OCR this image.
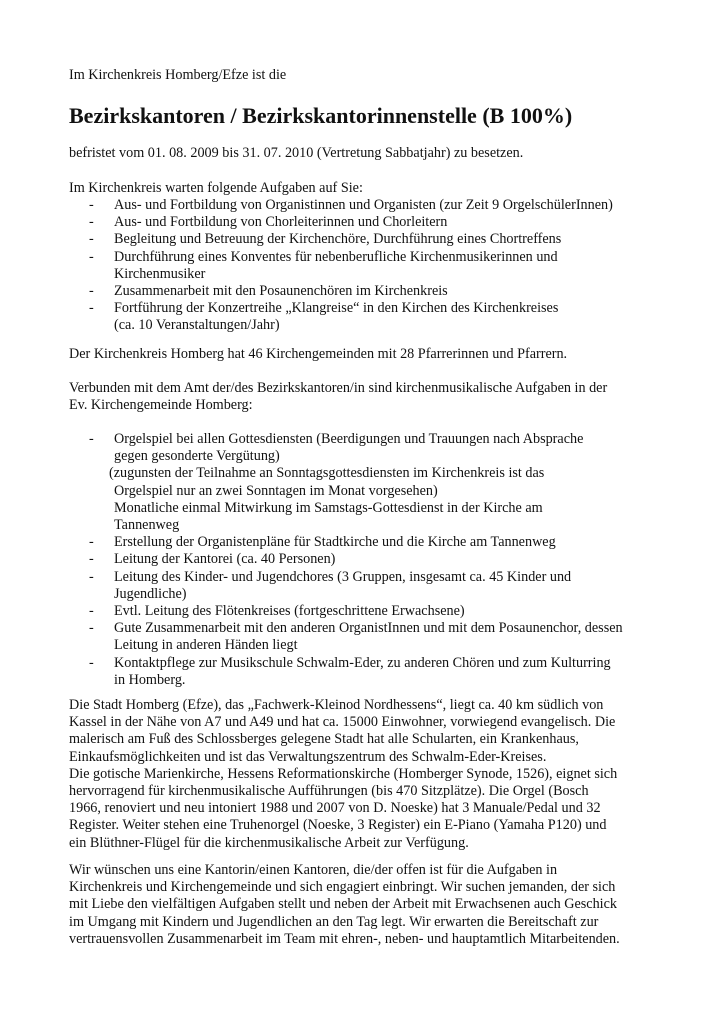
Im Kirchenkreis Homberg/Efze ist die

Bezirkskantoren / Bezirkskantorinnenstelle (B 100%)

befristet vom 01. 08. 2009 bis 31. 07. 2010 (Vertretung Sabbatjahr) zu besetzen.

Im Kirchenkreis warten folgende Aufgaben auf Sie:

- Aus- und Fortbildung von Organistinnen und Organisten (zur Zeit 9 OrgelschülerInnen)
- Aus- und Fortbildung von Chorleiterinnen und Chorleitern
- Begleitung und Betreuung der Kirchenchöre, Durchführung eines Chortreffens
- Durchführung eines Konventes für nebenberufliche Kirchenmusikerinnen und
Kirchenmusiker
- Zusammenarbeit mit den Posaunenchören im Kirchenkreis
- Fortführung der Konzertreihe „Klangreise“ in den Kirchen des Kirchenkreises
(ca. 10 Veranstaltungen/Jahr)

Der Kirchenkreis Homberg hat 46 Kirchengemeinden mit 28 Pfarrerinnen und Pfarrern.

Verbunden mit dem Amt der/des Bezirkskantoren/in sind kirchenmusikalische Aufgaben in der
Ev. Kirchengemeinde Homberg:

- Orgelspiel bei allen Gottesdiensten (Beerdigungen und Trauungen nach Absprache
gegen gesonderte Vergütung)
(zugunsten der Teilnahme an Sonntagsgottesdiensten im Kirchenkreis ist das
Orgelspiel nur an zwei Sonntagen im Monat vorgesehen)
Monatliche einmal Mitwirkung im Samstags-Gottesdienst in der Kirche am
Tannenweg
- Erstellung der Organistenpläne für Stadtkirche und die Kirche am Tannenweg
- Leitung der Kantorei (ca. 40 Personen)
- Leitung des Kinder- und Jugendchores (3 Gruppen, insgesamt ca. 45 Kinder und
Jugendliche)
- Evtl. Leitung des Flötenkreises (fortgeschrittene Erwachsene)
- Gute Zusammenarbeit mit den anderen OrganistInnen und mit dem Posaunenchor, dessen
Leitung in anderen Händen liegt
- Kontaktpflege zur Musikschule Schwalm-Eder, zu anderen Chören und zum Kulturring
in Homberg.

Die Stadt Homberg (Efze), das „Fachwerk-Kleinod Nordhessens“, liegt ca. 40 km südlich von
Kassel in der Nähe von A7 und A49 und hat ca. 15000 Einwohner, vorwiegend evangelisch. Die
malerisch am Fuß des Schlossberges gelegene Stadt hat alle Schularten, ein Krankenhaus,
Einkaufsmöglichkeiten und ist das Verwaltungszentrum des Schwalm-Eder-Kreises.
Die gotische Marienkirche, Hessens Reformationskirche (Homberger Synode, 1526), eignet sich
hervorragend für kirchenmusikalische Aufführungen (bis 470 Sitzplätze). Die Orgel (Bosch
1966, renoviert und neu intoniert 1988 und 2007 von D. Noeske) hat 3 Manuale/Pedal und 32
Register. Weiter stehen eine Truhenorgel (Noeske, 3 Register) ein E-Piano (Yamaha P120) und
ein Blüthner-Flügel für die kirchenmusikalische Arbeit zur Verfügung.

Wir wünschen uns eine Kantorin/einen Kantoren, die/der offen ist für die Aufgaben in
Kirchenkreis und Kirchengemeinde und sich engagiert einbringt. Wir suchen jemanden, der sich
mit Liebe den vielfältigen Aufgaben stellt und neben der Arbeit mit Erwachsenen auch Geschick
im Umgang mit Kindern und Jugendlichen an den Tag legt. Wir erwarten die Bereitschaft zur
vertrauensvollen Zusammenarbeit im Team mit ehren-, neben- und hauptamtlich Mitarbeitenden.
